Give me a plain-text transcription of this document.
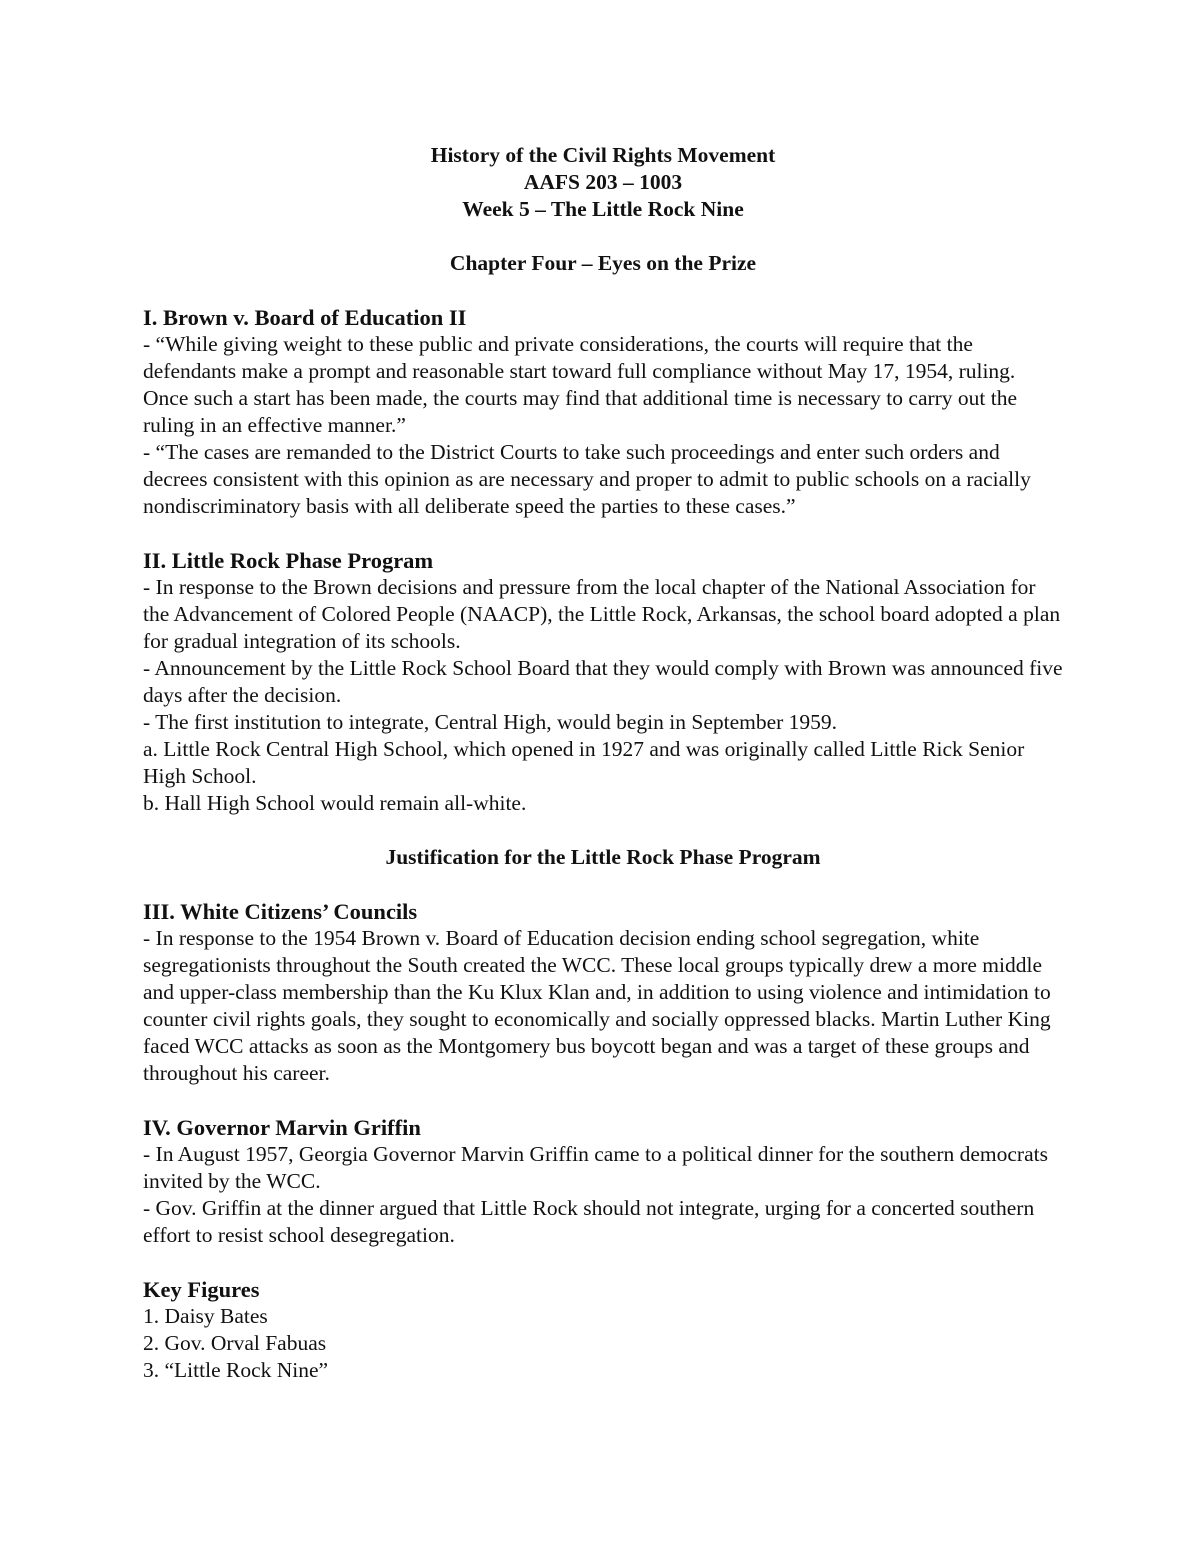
History of the Civil Rights Movement
AAFS 203 – 1003
Week 5 – The Little Rock Nine
Chapter Four – Eyes on the Prize
I. Brown v. Board of Education II

- “While giving weight to these public and private considerations, the courts will require that the defendants make a prompt and reasonable start toward full compliance without May 17, 1954, ruling. Once such a start has been made, the courts may find that additional time is necessary to carry out the ruling in an effective manner.”

- “The cases are remanded to the District Courts to take such proceedings and enter such orders and decrees consistent with this opinion as are necessary and proper to admit to public schools on a racially nondiscriminatory basis with all deliberate speed the parties to these cases.”

II. Little Rock Phase Program

- In response to the Brown decisions and pressure from the local chapter of the National Association for the Advancement of Colored People (NAACP), the Little Rock, Arkansas, the school board adopted a plan for gradual integration of its schools.

- Announcement by the Little Rock School Board that they would comply with Brown was announced five days after the decision.

- The first institution to integrate, Central High, would begin in September 1959.

a. Little Rock Central High School, which opened in 1927 and was originally called Little Rick Senior High School.

b. Hall High School would remain all-white.

Justification for the Little Rock Phase Program
III. White Citizens’ Councils

- In response to the 1954 Brown v. Board of Education decision ending school segregation, white segregationists throughout the South created the WCC. These local groups typically drew a more middle and upper-class membership than the Ku Klux Klan and, in addition to using violence and intimidation to counter civil rights goals, they sought to economically and socially oppressed blacks. Martin Luther King faced WCC attacks as soon as the Montgomery bus boycott began and was a target of these groups and throughout his career.

IV. Governor Marvin Griffin

- In August 1957, Georgia Governor Marvin Griffin came to a political dinner for the southern democrats invited by the WCC.

- Gov. Griffin at the dinner argued that Little Rock should not integrate, urging for a concerted southern effort to resist school desegregation.

Key Figures
1. Daisy Bates
2. Gov. Orval Fabuas
3. “Little Rock Nine”
